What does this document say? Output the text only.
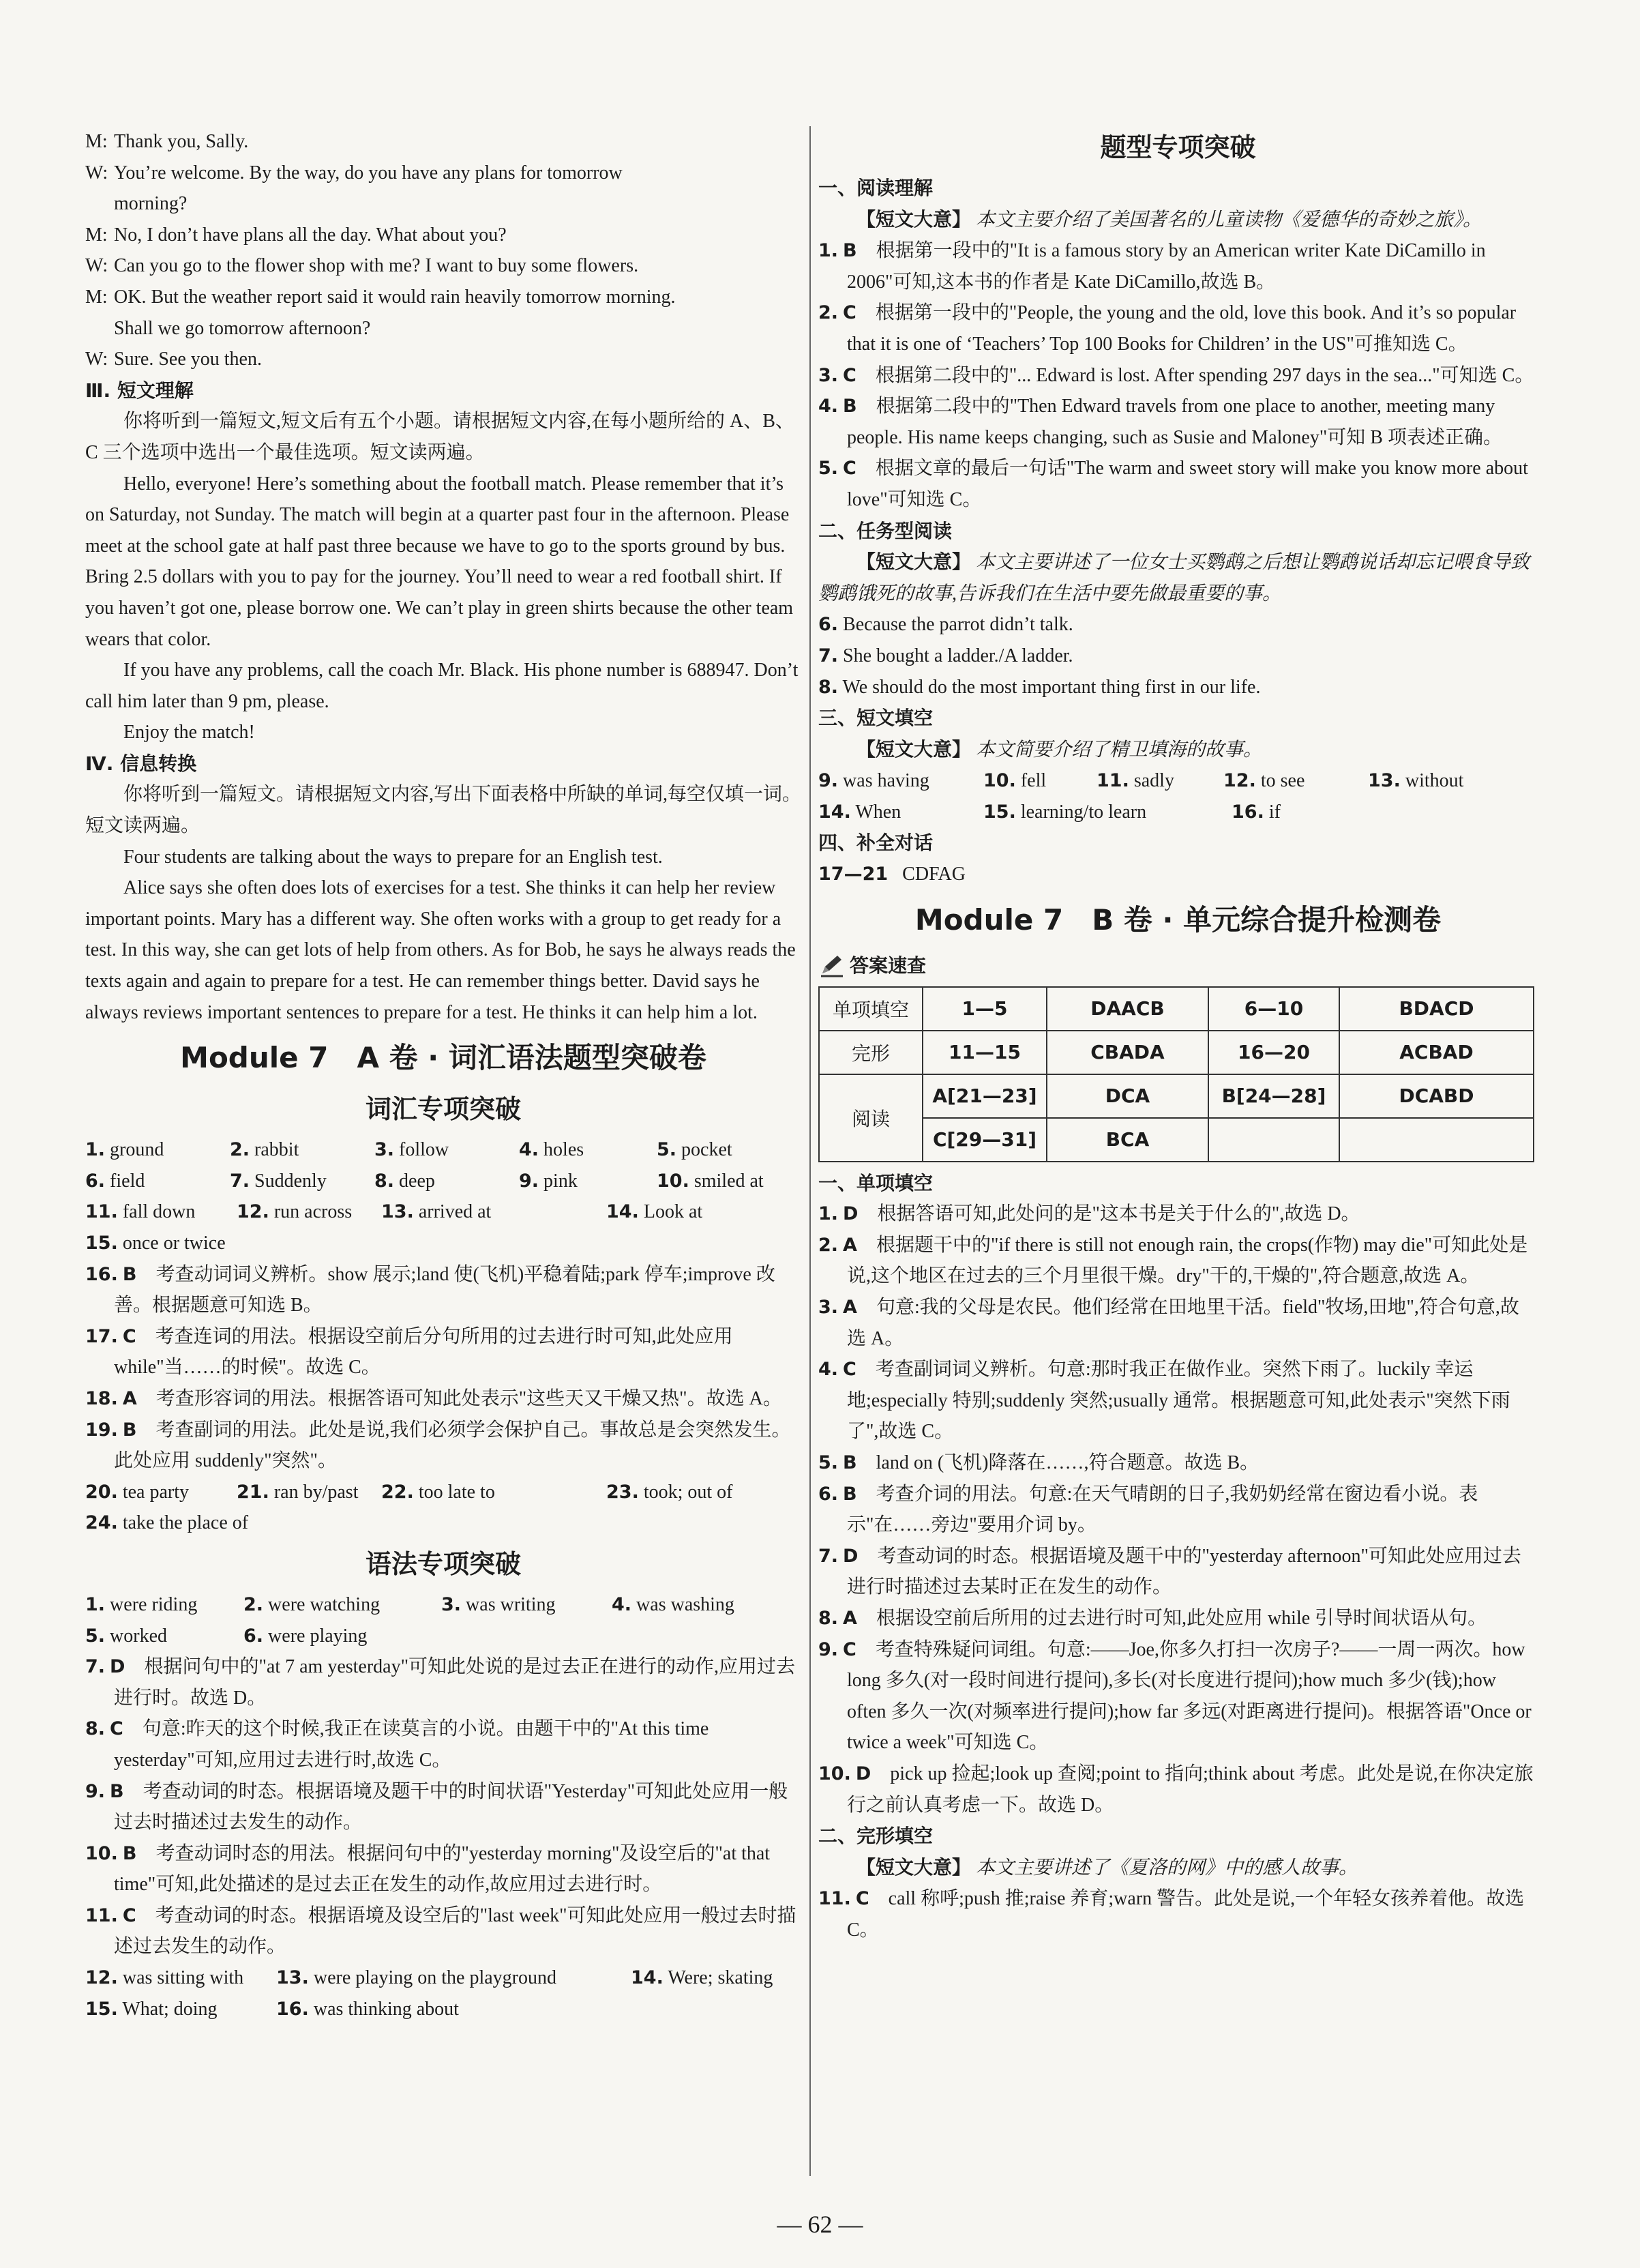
M: Thank you, Sally.

W: You’re welcome. By the way, do you have any plans for tomorrow

morning?

M: No, I don’t have plans all the day. What about you?

W: Can you go to the flower shop with me? I want to buy some flowers.

M: OK. But the weather report said it would rain heavily tomorrow morning.

Shall we go tomorrow afternoon?

W: Sure. See you then.

Ⅲ. 短文理解

你将听到一篇短文,短文后有五个小题。请根据短文内容,在每小题所给的 A、B、C 三个选项中选出一个最佳选项。短文读两遍。

Hello, everyone! Here’s something about the football match. Please remember that it’s on Saturday, not Sunday. The match will begin at a quarter past four in the afternoon. Please meet at the school gate at half past three because we have to go to the sports ground by bus. Bring 2.5 dollars with you to pay for the journey. You’ll need to wear a red football shirt. If you haven’t got one, please borrow one. We can’t play in green shirts because the other team wears that color.

If you have any problems, call the coach Mr. Black. His phone number is 688947. Don’t call him later than 9 pm, please.

Enjoy the match!

Ⅳ. 信息转换

你将听到一篇短文。请根据短文内容,写出下面表格中所缺的单词,每空仅填一词。短文读两遍。

Four students are talking about the ways to prepare for an English test.

Alice says she often does lots of exercises for a test. She thinks it can help her review important points. Mary has a different way. She often works with a group to get ready for a test. In this way, she can get lots of help from others. As for Bob, he says he always reads the texts again and again to prepare for a test. He can remember things better. David says he always reviews important sentences to prepare for a test. He thinks it can help him a lot.

Module 7　A 卷 · 词汇语法题型突破卷
词汇专项突破
1. ground	2. rabbit	3. follow	4. holes	5. pocket
6. field	7. Suddenly	8. deep	9. pink	10. smiled at
11. fall down	12. run across	13. arrived at	14. Look at
15. once or twice

16. B  考查动词词义辨析。show 展示;land 使(飞机)平稳着陆;park 停车;improve 改善。根据题意可知选 B。

17. C  考查连词的用法。根据设空前后分句所用的过去进行时可知,此处应用 while"当……的时候"。故选 C。

18. A  考查形容词的用法。根据答语可知此处表示"这些天又干燥又热"。故选 A。

19. B  考查副词的用法。此处是说,我们必须学会保护自己。事故总是会突然发生。此处应用 suddenly"突然"。

20. tea party	21. ran by/past	22. too late to	23. took; out of
24. take the place of
语法专项突破
1. were riding	2. were watching	3. was writing	4. was washing
5. worked	6. were playing

7. D  根据问句中的"at 7 am yesterday"可知此处说的是过去正在进行的动作,应用过去进行时。故选 D。

8. C  句意:昨天的这个时候,我正在读莫言的小说。由题干中的"At this time yesterday"可知,应用过去进行时,故选 C。

9. B  考查动词的时态。根据语境及题干中的时间状语"Yesterday"可知此处应用一般过去时描述过去发生的动作。

10. B  考查动词时态的用法。根据问句中的"yesterday morning"及设空后的"at that time"可知,此处描述的是过去正在发生的动作,故应用过去进行时。

11. C  考查动词的时态。根据语境及设空后的"last week"可知此处应用一般过去时描述过去发生的动作。

12. was sitting with	13. were playing on the playground	14. Were; skating
15. What; doing	16. was thinking about
题型专项突破

一、阅读理解

【短文大意】 本文主要介绍了美国著名的儿童读物《爱德华的奇妙之旅》。

1. B  根据第一段中的"It is a famous story by an American writer Kate DiCamillo in 2006"可知,这本书的作者是 Kate DiCamillo,故选 B。

2. C  根据第一段中的"People, the young and the old, love this book. And it’s so popular that it is one of ‘Teachers’ Top 100 Books for Children’ in the US"可推知选 C。

3. C  根据第二段中的"... Edward is lost. After spending 297 days in the sea..."可知选 C。

4. B  根据第二段中的"Then Edward travels from one place to another, meeting many people. His name keeps changing, such as Susie and Maloney"可知 B 项表述正确。

5. C  根据文章的最后一句话"The warm and sweet story will make you know more about love"可知选 C。

二、任务型阅读

【短文大意】 本文主要讲述了一位女士买鹦鹉之后想让鹦鹉说话却忘记喂食导致鹦鹉饿死的故事,告诉我们在生活中要先做最重要的事。

6. Because the parrot didn’t talk.

7. She bought a ladder./A ladder.

8. We should do the most important thing first in our life.

三、短文填空

【短文大意】 本文简要介绍了精卫填海的故事。

9. was having	10. fell	11. sadly	12. to see	13. without
14. When	15. learning/to learn	16. if

四、补全对话

17—21 CDFAG

Module 7　B 卷 · 单元综合提升检测卷

答案速查

单项填空	1—5	DAACB	6—10	BDACD
完形	11—15	CBADA	16—20	ACBAD
阅读	A[21—23]	DCA	B[24—28]	DCABD
	C[29—31]	BCA		

一、单项填空

1. D  根据答语可知,此处问的是"这本书是关于什么的",故选 D。

2. A  根据题干中的"if there is still not enough rain, the crops(作物) may die"可知此处是说,这个地区在过去的三个月里很干燥。dry"干的,干燥的",符合题意,故选 A。

3. A  句意:我的父母是农民。他们经常在田地里干活。field"牧场,田地",符合句意,故选 A。

4. C  考查副词词义辨析。句意:那时我正在做作业。突然下雨了。luckily 幸运地;especially 特别;suddenly 突然;usually 通常。根据题意可知,此处表示"突然下雨了",故选 C。

5. B  land on (飞机)降落在……,符合题意。故选 B。

6. B  考查介词的用法。句意:在天气晴朗的日子,我奶奶经常在窗边看小说。表示"在……旁边"要用介词 by。

7. D  考查动词的时态。根据语境及题干中的"yesterday afternoon"可知此处应用过去进行时描述过去某时正在发生的动作。

8. A  根据设空前后所用的过去进行时可知,此处应用 while 引导时间状语从句。

9. C  考查特殊疑问词组。句意:——Joe,你多久打扫一次房子?——一周一两次。how long 多久(对一段时间进行提问),多长(对长度进行提问);how much 多少(钱);how often 多久一次(对频率进行提问);how far 多远(对距离进行提问)。根据答语"Once or twice a week"可知选 C。

10. D  pick up 捡起;look up 查阅;point to 指向;think about 考虑。此处是说,在你决定旅行之前认真考虑一下。故选 D。

二、完形填空

【短文大意】 本文主要讲述了《夏洛的网》中的感人故事。

11. C  call 称呼;push 推;raise 养育;warn 警告。此处是说,一个年轻女孩养着他。故选 C。

— 62 —
